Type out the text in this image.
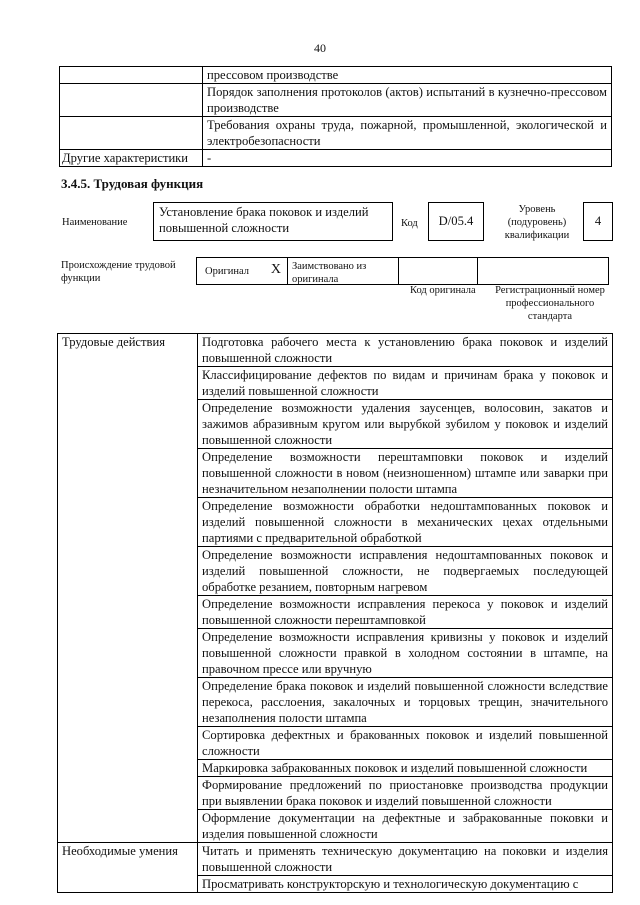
40
	прессовом производстве
	Порядок заполнения протоколов (актов) испытаний в кузнечно-прессовом производстве
	Требования охраны труда, пожарной, промышленной, экологической и электробезопасности
Другие характеристики	-
3.4.5. Трудовая функция
Наименование
Установление брака поковок и изделий повышенной сложности	Код	D/05.4
Уровень (подуровень) квалификации
4
Происхождение трудовой функции
Оригинал X	Заимствовано из оригинала
Код оригинала	Регистрационный номер профессионального стандарта
Трудовые действия	Подготовка рабочего места к установлению брака поковок и изделий повышенной сложности
	Классифицирование дефектов по видам и причинам брака у поковок и изделий повышенной сложности
	Определение возможности удаления заусенцев, волосовин, закатов и зажимов абразивным кругом или вырубкой зубилом у поковок и изделий повышенной сложности
	Определение возможности перештамповки поковок и изделий повышенной сложности в новом (неизношенном) штампе или заварки при незначительном незаполнении полости штампа
	Определение возможности обработки недоштампованных поковок и изделий повышенной сложности в механических цехах отдельными партиями с предварительной обработкой
	Определение возможности исправления недоштампованных поковок и изделий повышенной сложности, не подвергаемых последующей обработке резанием, повторным нагревом
	Определение возможности исправления перекоса у поковок и изделий повышенной сложности перештамповкой
	Определение возможности исправления кривизны у поковок и изделий повышенной сложности правкой в холодном состоянии в штампе, на правочном прессе или вручную
	Определение брака поковок и изделий повышенной сложности вследствие перекоса, расслоения, закалочных и торцовых трещин, значительного незаполнения полости штампа
	Сортировка дефектных и бракованных поковок и изделий повышенной сложности
	Маркировка забракованных поковок и изделий повышенной сложности
	Формирование предложений по приостановке производства продукции при выявлении брака поковок и изделий повышенной сложности
	Оформление документации на дефектные и забракованные поковки и изделия повышенной сложности
Необходимые умения	Читать и применять техническую документацию на поковки и изделия повышенной сложности
	Просматривать конструкторскую и технологическую документацию с
